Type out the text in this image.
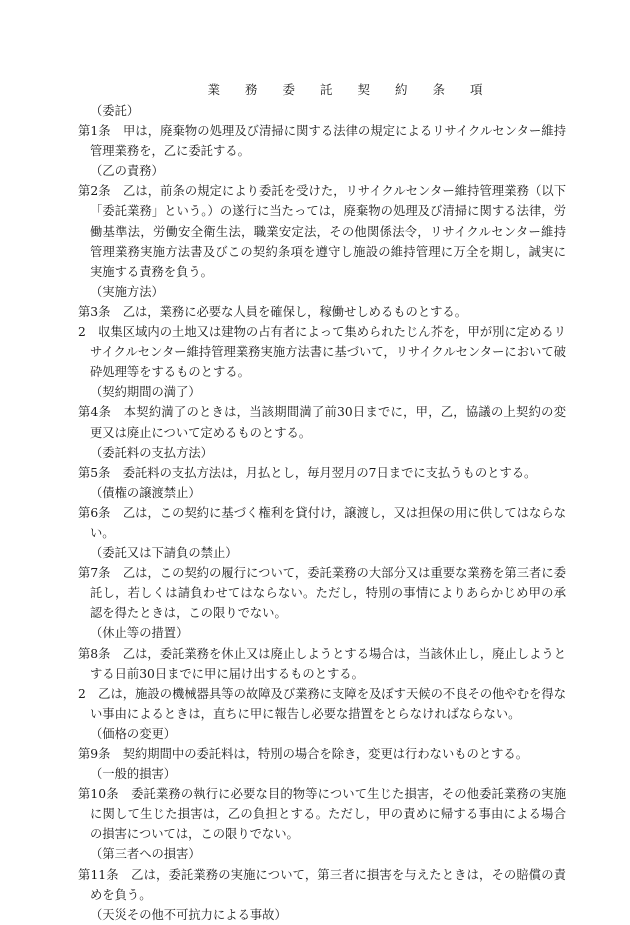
業　　務　　委　　託　　契　　約　　条　　項
（委託）
第1条　甲は，廃棄物の処理及び清掃に関する法律の規定によるリサイクルセンター維持管理業務を，乙に委託する。
（乙の責務）
第2条　乙は，前条の規定により委託を受けた，リサイクルセンター維持管理業務（以下「委託業務」という。）の遂行に当たっては，廃棄物の処理及び清掃に関する法律，労働基準法，労働安全衛生法，職業安定法，その他関係法令，リサイクルセンター維持管理業務実施方法書及びこの契約条項を遵守し施設の維持管理に万全を期し，誠実に実施する責務を負う。
（実施方法）
第3条　乙は，業務に必要な人員を確保し，稼働せしめるものとする。
2　収集区域内の土地又は建物の占有者によって集められたじん芥を，甲が別に定めるリサイクルセンター維持管理業務実施方法書に基づいて，リサイクルセンターにおいて破砕処理等をするものとする。
（契約期間の満了）
第4条　本契約満了のときは，当該期間満了前30日までに，甲，乙，協議の上契約の変更又は廃止について定めるものとする。
（委託料の支払方法）
第5条　委託料の支払方法は，月払とし，毎月翌月の7日までに支払うものとする。
（債権の譲渡禁止）
第6条　乙は，この契約に基づく権利を貸付け，譲渡し，又は担保の用に供してはならない。
（委託又は下請負の禁止）
第7条　乙は，この契約の履行について，委託業務の大部分又は重要な業務を第三者に委託し，若しくは請負わせてはならない。ただし，特別の事情によりあらかじめ甲の承認を得たときは，この限りでない。
（休止等の措置）
第8条　乙は，委託業務を休止又は廃止しようとする場合は，当該休止し，廃止しようとする日前30日までに甲に届け出するものとする。
2　乙は，施設の機械器具等の故障及び業務に支障を及ぼす天候の不良その他やむを得ない事由によるときは，直ちに甲に報告し必要な措置をとらなければならない。
（価格の変更）
第9条　契約期間中の委託料は，特別の場合を除き，変更は行わないものとする。
（一般的損害）
第10条　委託業務の執行に必要な目的物等について生じた損害，その他委託業務の実施に関して生じた損害は，乙の負担とする。ただし，甲の責めに帰する事由による場合の損害については，この限りでない。
（第三者への損害）
第11条　乙は，委託業務の実施について，第三者に損害を与えたときは，その賠償の責めを負う。
（天災その他不可抗力による事故）
